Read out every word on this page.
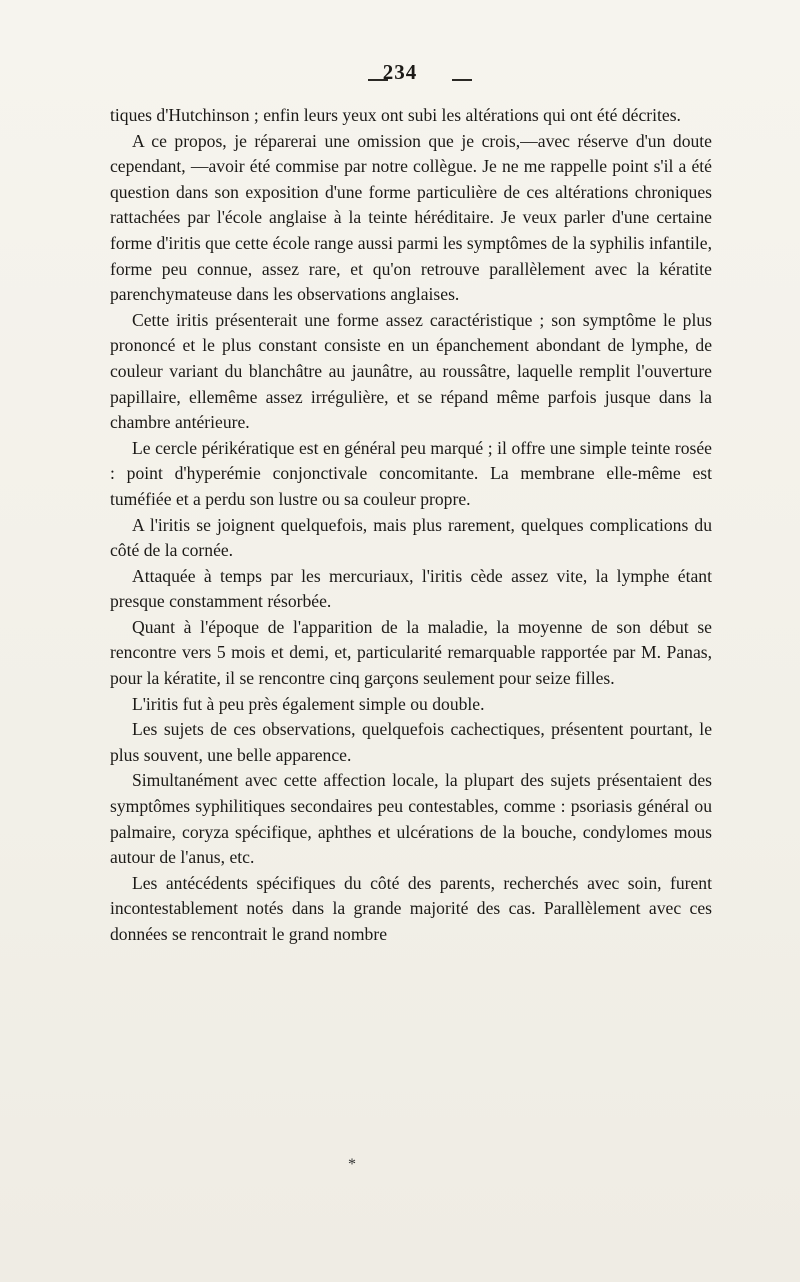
234

tiques d'Hutchinson ; enfin leurs yeux ont subi les altérations qui ont été décrites.

A ce propos, je réparerai une omission que je crois,—avec réserve d'un doute cependant, —avoir été commise par notre collègue. Je ne me rappelle point s'il a été question dans son exposition d'une forme particulière de ces altérations chroniques rattachées par l'école anglaise à la teinte héréditaire. Je veux parler d'une certaine forme d'iritis que cette école range aussi parmi les symptômes de la syphilis infantile, forme peu connue, assez rare, et qu'on retrouve parallèlement avec la kératite parenchymateuse dans les observations anglaises.

Cette iritis présenterait une forme assez caractéristique ; son symptôme le plus prononcé et le plus constant consiste en un épanchement abondant de lymphe, de couleur variant du blanchâtre au jaunâtre, au roussâtre, laquelle remplit l'ouverture papillaire, ellemême assez irrégulière, et se répand même parfois jusque dans la chambre antérieure.

Le cercle périkératique est en général peu marqué ; il offre une simple teinte rosée : point d'hyperémie conjonctivale concomitante. La membrane elle-même est tuméfiée et a perdu son lustre ou sa couleur propre.

A l'iritis se joignent quelquefois, mais plus rarement, quelques complications du côté de la cornée.

Attaquée à temps par les mercuriaux, l'iritis cède assez vite, la lymphe étant presque constamment résorbée.

Quant à l'époque de l'apparition de la maladie, la moyenne de son début se rencontre vers 5 mois et demi, et, particularité remarquable rapportée par M. Panas, pour la kératite, il se rencontre cinq garçons seulement pour seize filles.

L'iritis fut à peu près également simple ou double.

Les sujets de ces observations, quelquefois cachectiques, présentent pourtant, le plus souvent, une belle apparence.

Simultanément avec cette affection locale, la plupart des sujets présentaient des symptômes syphilitiques secondaires peu contestables, comme : psoriasis général ou palmaire, coryza spécifique, aphthes et ulcérations de la bouche, condylomes mous autour de l'anus, etc.

Les antécédents spécifiques du côté des parents, recherchés avec soin, furent incontestablement notés dans la grande majorité des cas. Parallèlement avec ces données se rencontrait le grand nombre

*
